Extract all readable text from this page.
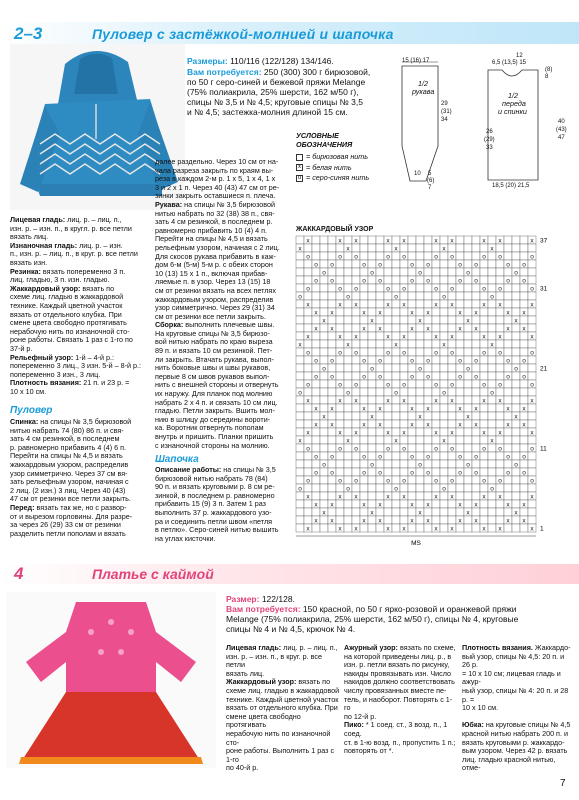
2–3	Пуловер с застёжкой-молнией и шапочка
Размеры: 110/116 (122/128) 134/146.
Вам потребуется: 250 (300) 300 г бирюзовой,
по 50 г серо-синей и бежевой пряжи Melange
(75% полиакрила, 25% шерсти, 162 м/50 г),
спицы № 3,5 и № 4,5; круговые спицы № 3,5
и № 4,5; застежка-молния длиной 15 см.
15 (16) 17
1/2
рукава
29
(31)
34
10 5
(6)
7
12
6,5 (13,5) 15
(8)
8
1/2
переда
и спинки
26
(29)
33
40
(43)
47
18,5 (20) 21,5
УСЛОВНЫЕ
ОБОЗНАЧЕНИЯ
= бирюзовая нить
x = белая нить
o = серо-синяя нить
Лицевая гладь: лиц. р. – лиц. п.,
изн. р. – изн. п., в кругл. р. все петли
вязать лиц.
Изнаночная гладь: лиц. р. – изн.
п., изн. р. – лиц. п., в круг. р. все петли
вязать изн.
Резинка: вязать попеременно 3 п.
лиц. гладью, 3 п. изн. гладью.
Жаккардовый узор: вязать по
схеме лиц. гладью в жаккардовой
технике. Каждый цветной участок
вязать от отдельного клубка. При
смене цвета свободно протягивать
нерабочую нить по изнаночной сто-
роне работы. Связать 1 раз с 1-го по
37-й р.
Рельефный узор: 1-й – 4-й р.:
попеременно 3 лиц., 3 изн. 5-й – 8-й р.:
попеременно 3 изн., 3 лиц.
Плотность вязания: 21 п. и 23 р. =
10 x 10 см.
Пуловер
Спинка: на спицы № 3,5 бирюзовой
нитью набрать 74 (80) 86 п. и свя-
зать 4 см резинкой, в последнем
р. равномерно прибавить 4 (4) 6 п.
Перейти на спицы № 4,5 и вязать
жаккардовым узором, распределив
узор симметрично. Через 37 см вя-
зать рельефным узором, начиная с
2 лиц. (2 изн.) 3 лиц. Через 40 (43)
47 см от резинки все петли закрыть.
Перед: вязать так же, но с развор-
от и вырезом горловины. Для разре-
за через 26 (29) 33 см от резинки
разделить петли пополам и вязать
далее раздельно. Через 10 см от на-
чала разреза закрыть по краям вы-
реза в каждом 2-м р. 1 x 5, 1 x 4, 1 x
3 и 2 x 1 п. Через 40 (43) 47 см от ре-
зинки закрыть оставшиеся п. плеча.
Рукава: на спицы № 3,5 бирюзовой
нитью набрать по 32 (38) 38 п., свя-
зать 4 см резинкой, в последнем р.
равномерно прибавить 10 (4) 4 п.
Перейти на спицы № 4,5 и вязать
рельефным узором, начиная с 2 лиц.
Для скосов рукава прибавить в каж-
дом 6-м (5-м) 5-м р. с обеих сторон
10 (13) 15 x 1 п., включая прибав-
ляемые п. в узор. Через 13 (15) 18
см от резинки вязать на всех петлях
жаккардовым узором, распределив
узор симметрично. Через 29 (31) 34
см от резинки все петли закрыть.
Сборка: выполнить плечевые швы.
На круговые спицы № 3,5 бирюзо-
вой нитью набрать по краю выреза
89 п. и вязать 10 см резинкой. Пет-
ли закрыть. Втачать рукава, выпол-
нить боковые швы и швы рукавов,
первые 8 см швов рукавов выпол-
нить с внешней стороны и отвернуть
их наружу. Для планок под молнию
набрать 2 x 4 п. и связать 10 см лиц.
гладью. Петли закрыть. Вшить мол-
нию в шлицу до середины вороти-
ка. Воротник отвернуть пополам
внутрь и пришить. Планки пришить
с изнаночной стороны на молнию.
Шапочка
Описание работы: на спицы № 3,5
бирюзовой нитью набрать 78 (84)
90 п. и вязать круговыми р. 8 см ре-
зинкой, в последнем р. равномерно
прибавить 15 (9) 3 п. Затем 1 раз
выполнить 37 р. жаккардового узо-
ра и соединить петли швом «петля
в петлю». Серо-синей нитью вышить
на углах кисточки.
ЖАККАРДОВЫЙ УЗОР
x	x x	x x	x x	x x	x
x	x	x	x	x
o	o o	o o	o o	o o	o
o o	o o	o o	o o	o o
o	o	o	o	o
o o	o o	o o	o o	o o
o	o o	o o	o o	o o	o
o	o	o	o	o
x	x x	x x	x x	x x	x
x x	x x	x x	x x	x x
x	x	x	x	x
x x	x x	x x	x x	x x
x	x x	x x	x x	x x	x
x	x	x	x	x
o	o o	o o	o o	o o	o
o o	o o	o o	o o	o o
o	o	o	o	o
o o	o o	o o	o o	o o
o	o o	o o	o o	o o	o
o	o	o	o	o
x	x x	x x	x x	x x	x
x x	x x	x x	x x	x x
x	x	x	x	x
x x	x x	x x	x x	x x
x	x x	x x	x x	x x	x
x	x	x	x	x
o	o o	o o	o o	o o	o
o o	o o	o o	o o	o o
o	o	o	o	o
o o	o o	o o	o o	o o
o	o o	o o	o o	o o	o
o	o	o	o	o
x	x x	x x	x x	x x	x
x x	x x	x x	x x	x x
x	x	x	x	x
x x	x x	x x	x x	x x
x	x x	x x	x x	x x	x
37
31
21
11
1
MS
4	Платье с каймой
Размер: 122/128.
Вам потребуется: 150 красной, по 50 г ярко-розовой и оранжевой пряжи
Melange (75% полиакрила, 25% шерсти, 162 м/50 г), спицы № 4, круговые
спицы № 4 и № 4,5, крючок № 4.
Лицевая гладь: лиц. р. – лиц. п.,
изн. р. – изн. п., в круг. р. все петли
вязать лиц.
Жаккардовый узор: вязать по
схеме лиц. гладью в жаккардовой
технике. Каждый цветной участок
вязать от отдельного клубка. При
смене цвета свободно протягивать
нерабочую нить по изнаночной сто-
роне работы. Выполнить 1 раз с 1-го
по 40-й р.
Ажурный узор: вязать по схеме,
на которой приведены лиц. р., в
изн. р. петли вязать по рисунку,
накиды провязывать изн. Число
накидов должно соответствовать
числу провязанных вместе пе-
тель, и наоборот. Повторять с 1-го
по 12-й р.
Пико: * 1 соед. ст., 3 возд. п., 1 соед.
ст. в 1-ю возд. п., пропустить 1 п.;
повторять от *.
Плотность вязания. Жаккардо-
вый узор, спицы № 4,5: 20 п. и 26 р.
= 10 x 10 см; лицевая гладь и ажур-
ный узор, спицы № 4: 20 п. и 28 р. =
10 x 10 см.

Юбка: на круговые спицы № 4,5
красной нитью набрать 200 п. и
вязать круговыми р. жаккардо-
вым узором. Через 42 р. вязать
лиц. гладью красной нитью, отме-
7
